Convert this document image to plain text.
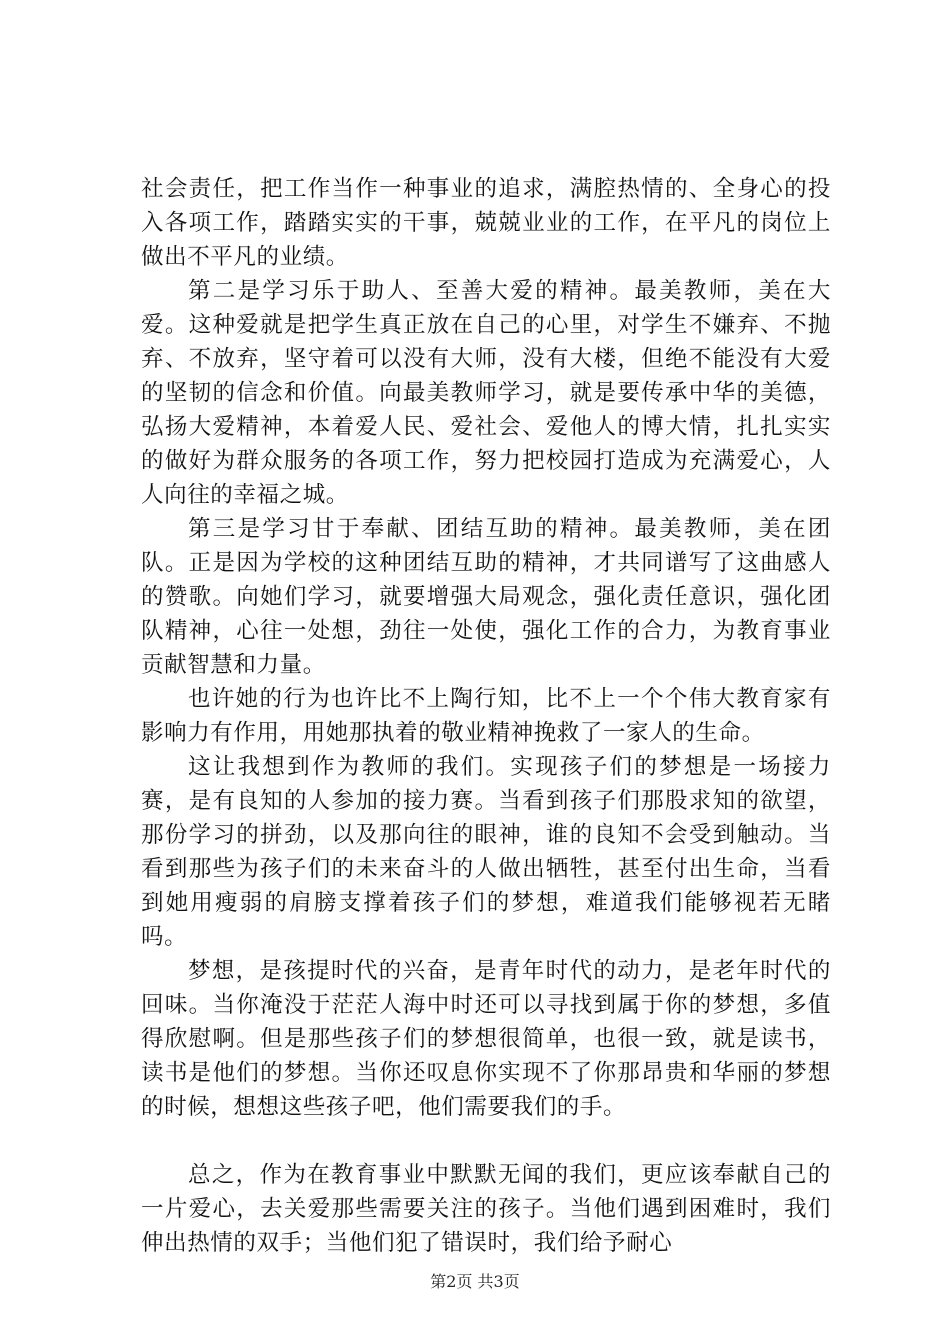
社会责任，把工作当作一种事业的追求，满腔热情的、全身心的投入各项工作，踏踏实实的干事，兢兢业业的工作，在平凡的岗位上做出不平凡的业绩。

第二是学习乐于助人、至善大爱的精神。最美教师，美在大爱。这种爱就是把学生真正放在自己的心里，对学生不嫌弃、不抛弃、不放弃，坚守着可以没有大师，没有大楼，但绝不能没有大爱的坚韧的信念和价值。向最美教师学习，就是要传承中华的美德，弘扬大爱精神，本着爱人民、爱社会、爱他人的博大情，扎扎实实的做好为群众服务的各项工作，努力把校园打造成为充满爱心，人人向往的幸福之城。

第三是学习甘于奉献、团结互助的精神。最美教师，美在团队。正是因为学校的这种团结互助的精神，才共同谱写了这曲感人的赞歌。向她们学习，就要增强大局观念，强化责任意识，强化团队精神，心往一处想，劲往一处使，强化工作的合力，为教育事业贡献智慧和力量。

也许她的行为也许比不上陶行知，比不上一个个伟大教育家有影响力有作用，用她那执着的敬业精神挽救了一家人的生命。

这让我想到作为教师的我们。实现孩子们的梦想是一场接力赛，是有良知的人参加的接力赛。当看到孩子们那股求知的欲望，那份学习的拼劲，以及那向往的眼神，谁的良知不会受到触动。当看到那些为孩子们的未来奋斗的人做出牺牲，甚至付出生命，当看到她用瘦弱的肩膀支撑着孩子们的梦想，难道我们能够视若无睹吗。

梦想，是孩提时代的兴奋，是青年时代的动力，是老年时代的回味。当你淹没于茫茫人海中时还可以寻找到属于你的梦想，多值得欣慰啊。但是那些孩子们的梦想很简单，也很一致，就是读书，读书是他们的梦想。当你还叹息你实现不了你那昂贵和华丽的梦想的时候，想想这些孩子吧，他们需要我们的手。

总之，作为在教育事业中默默无闻的我们，更应该奉献自己的一片爱心，去关爱那些需要关注的孩子。当他们遇到困难时，我们伸出热情的双手；当他们犯了错误时，我们给予耐心

第2页 共3页
